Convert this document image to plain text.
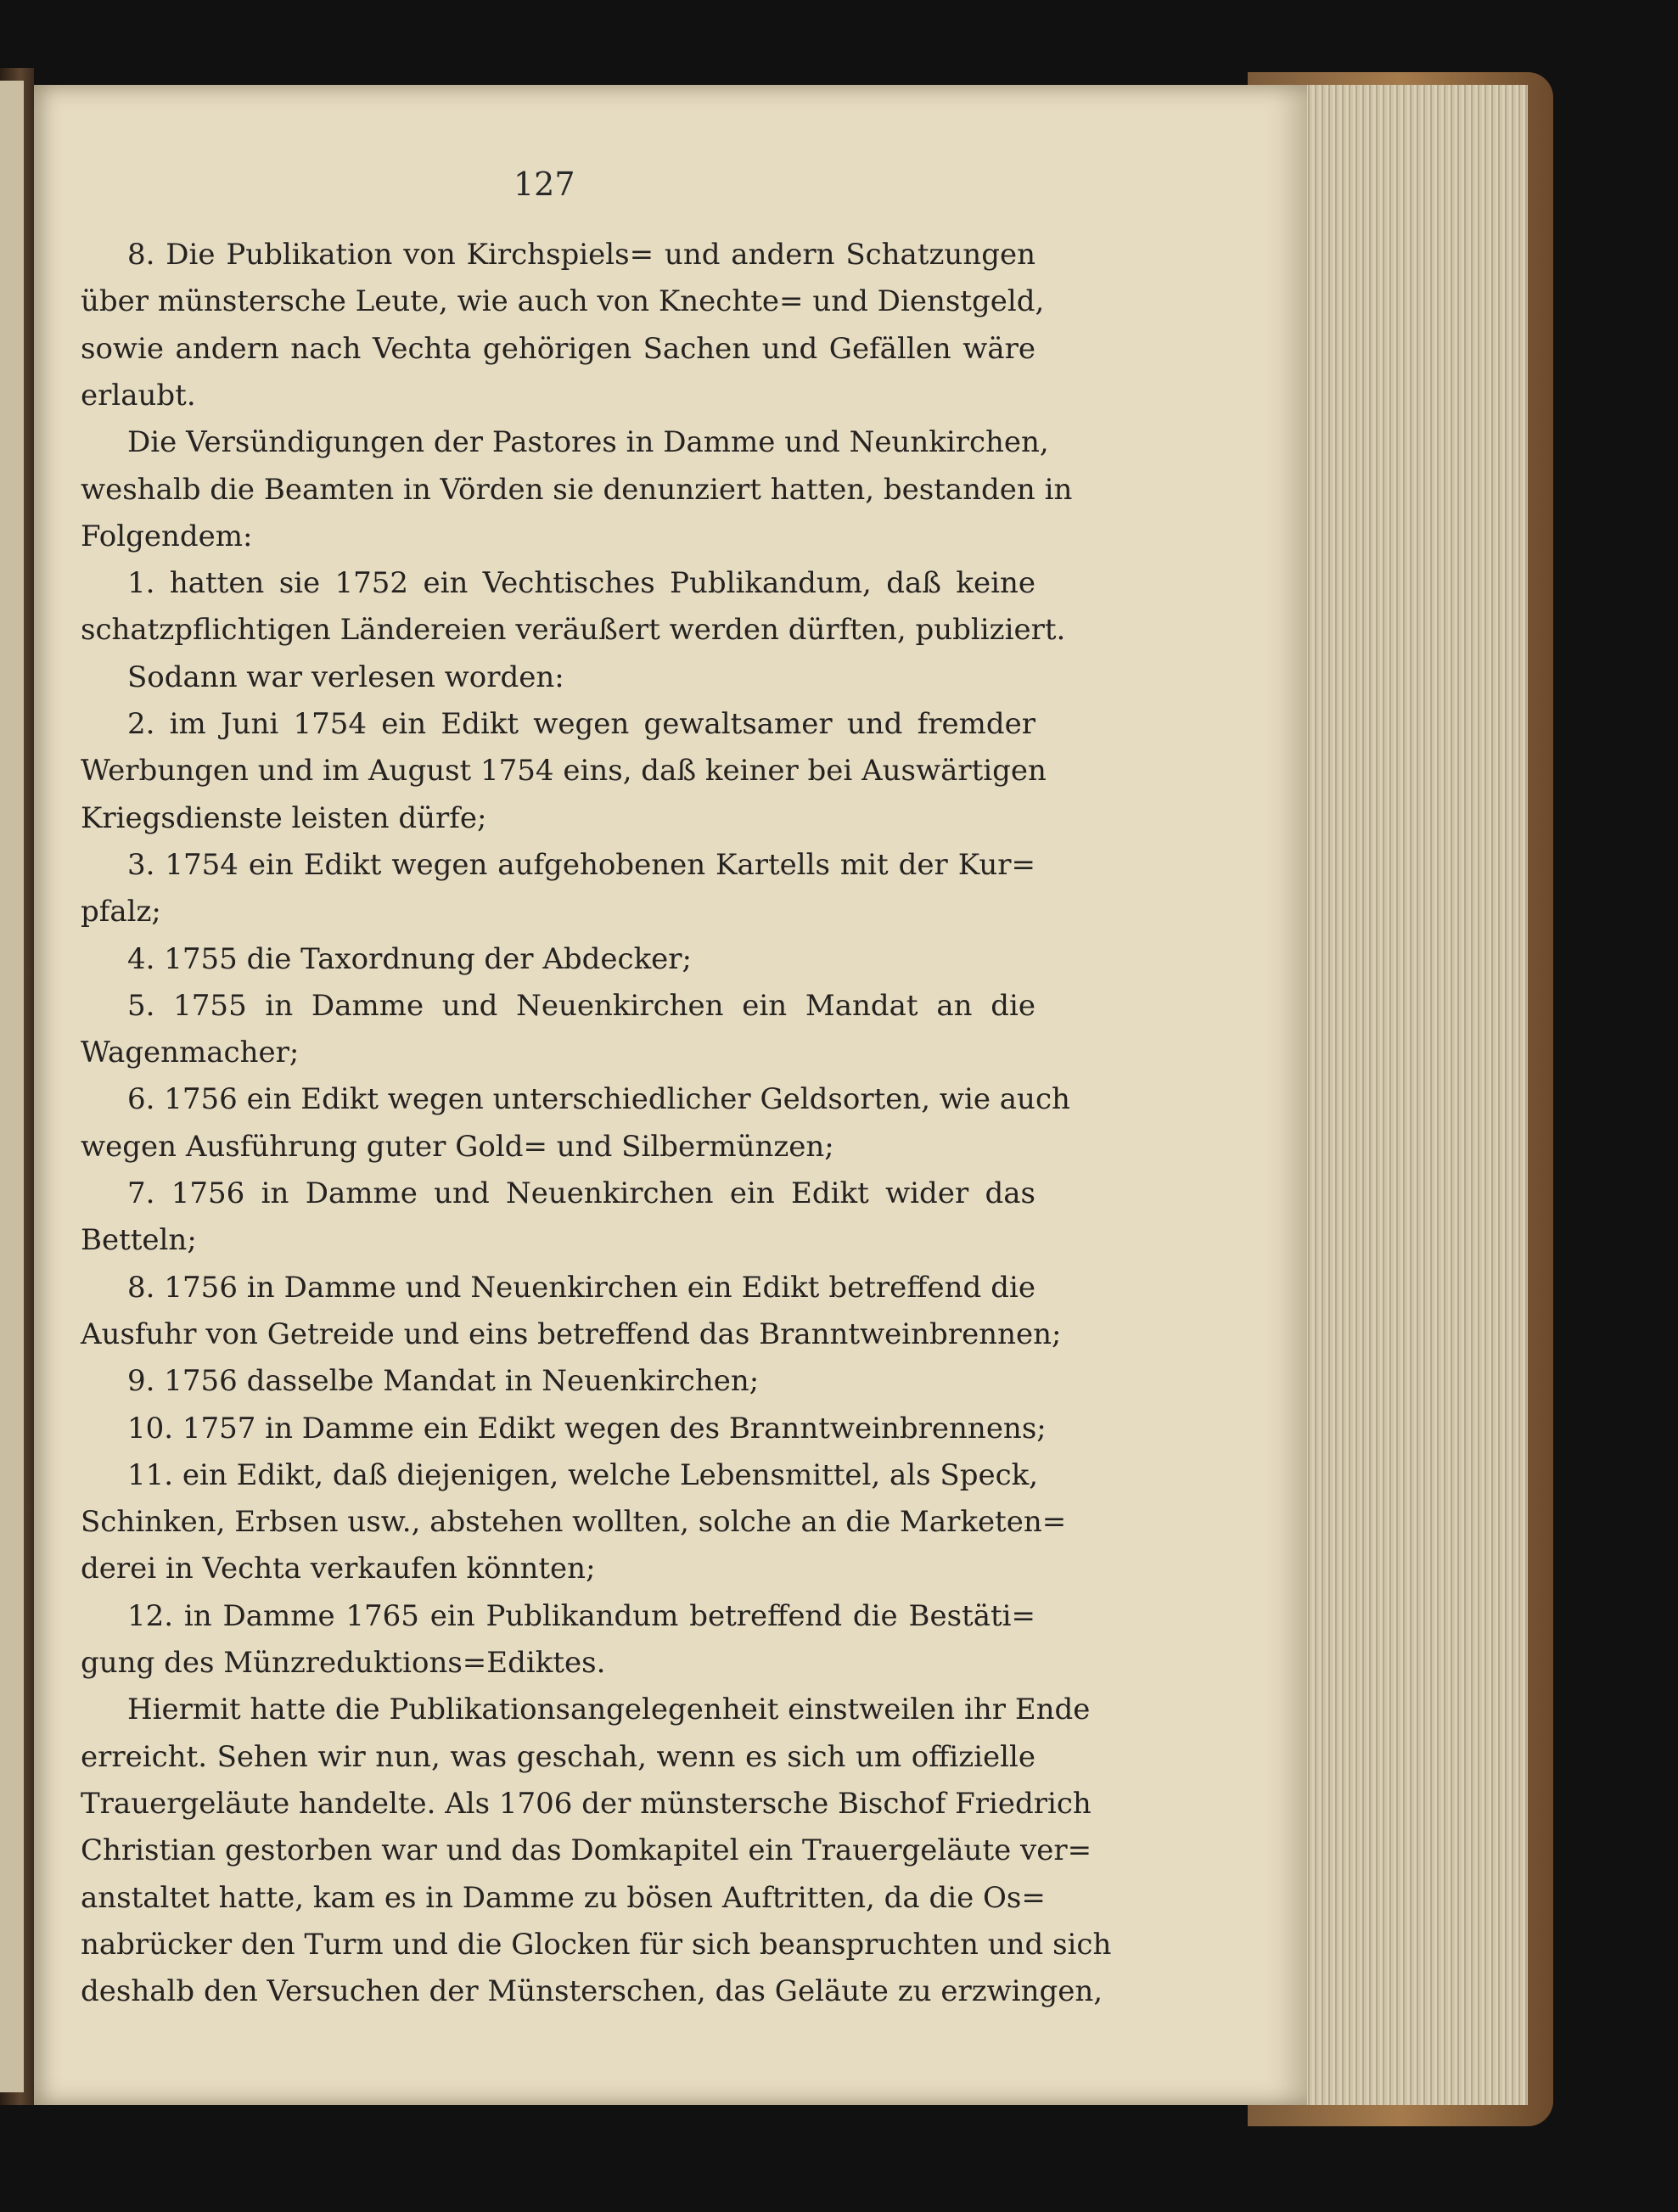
127
8. Die Publikation von Kirchspiels= und andern Schatzungen
über münstersche Leute, wie auch von Knechte= und Dienstgeld,
sowie andern nach Vechta gehörigen Sachen und Gefällen wäre
erlaubt.
Die Versündigungen der Pastores in Damme und Neunkirchen,
weshalb die Beamten in Vörden sie denunziert hatten, bestanden in
Folgendem:
1. hatten sie 1752 ein Vechtisches Publikandum, daß keine
schatzpflichtigen Ländereien veräußert werden dürften, publiziert.
Sodann war verlesen worden:
2. im Juni 1754 ein Edikt wegen gewaltsamer und fremder
Werbungen und im August 1754 eins, daß keiner bei Auswärtigen
Kriegsdienste leisten dürfe;
3. 1754 ein Edikt wegen aufgehobenen Kartells mit der Kur=
pfalz;
4. 1755 die Taxordnung der Abdecker;
5. 1755 in Damme und Neuenkirchen ein Mandat an die
Wagenmacher;
6. 1756 ein Edikt wegen unterschiedlicher Geldsorten, wie auch
wegen Ausführung guter Gold= und Silbermünzen;
7. 1756 in Damme und Neuenkirchen ein Edikt wider das
Betteln;
8. 1756 in Damme und Neuenkirchen ein Edikt betreffend die
Ausfuhr von Getreide und eins betreffend das Branntweinbrennen;
9. 1756 dasselbe Mandat in Neuenkirchen;
10. 1757 in Damme ein Edikt wegen des Branntweinbrennens;
11. ein Edikt, daß diejenigen, welche Lebensmittel, als Speck,
Schinken, Erbsen usw., abstehen wollten, solche an die Marketen=
derei in Vechta verkaufen könnten;
12. in Damme 1765 ein Publikandum betreffend die Bestäti=
gung des Münzreduktions=Ediktes.
Hiermit hatte die Publikationsangelegenheit einstweilen ihr Ende
erreicht. Sehen wir nun, was geschah, wenn es sich um offizielle
Trauergeläute handelte. Als 1706 der münstersche Bischof Friedrich
Christian gestorben war und das Domkapitel ein Trauergeläute ver=
anstaltet hatte, kam es in Damme zu bösen Auftritten, da die Os=
nabrücker den Turm und die Glocken für sich beanspruchten und sich
deshalb den Versuchen der Münsterschen, das Geläute zu erzwingen,
